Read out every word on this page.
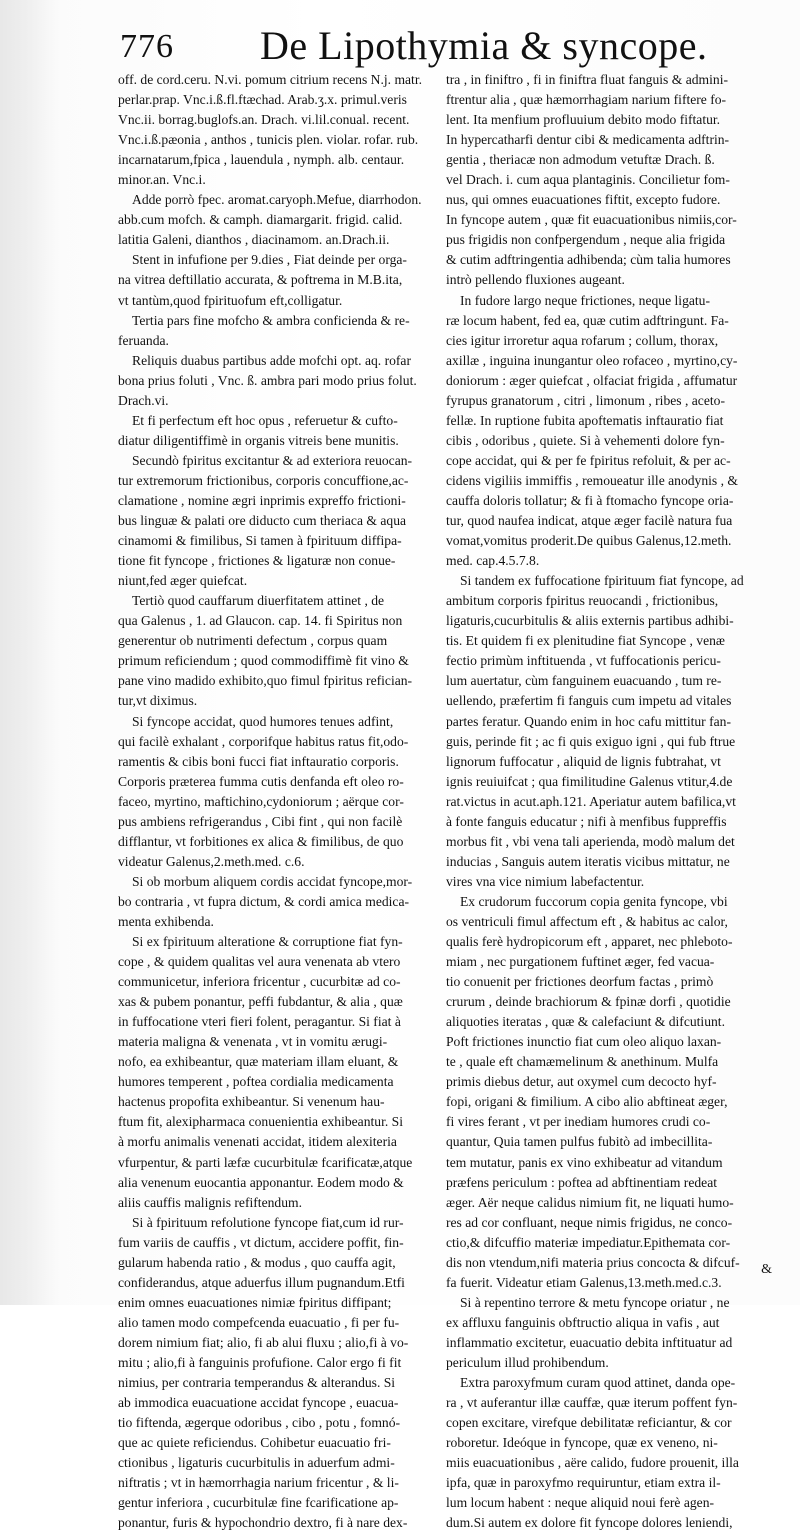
776 De Lipothymia & syncope.

off. de cord.ceru. N.vi. pomum citrium recens N.j. matr.
perlar.prap. Vnc.i.ß.fl.ftæchad. Arab.ʒ.x. primul.veris
Vnc.ii. borrag.buglofs.an. Drach. vi.lil.conual. recent.
Vnc.i.ß.pæonia , anthos , tunicis plen. violar. rofar. rub.
incarnatarum,fpica , lauendula , nymph. alb. centaur.
minor.an. Vnc.i.

Adde porrò fpec. aromat.caryoph.Mefue, diarrhodon.
abb.cum mofch. & camph. diamargarit. frigid. calid.
latitia Galeni, dianthos , diacinamom. an.Drach.ii.

Stent in infufione per 9.dies , Fiat deinde per orga-
na vitrea deftillatio accurata, & poftrema in M.B.ita,
vt tantùm,quod fpirituofum eft,colligatur.

Tertia pars fine mofcho & ambra conficienda & re-
feruanda.

Reliquis duabus partibus adde mofchi opt. aq. rofar
bona prius foluti , Vnc. ß. ambra pari modo prius folut.
Drach.vi.

Et fi perfectum eft hoc opus , referuetur & cufto-
diatur diligentiffimè in organis vitreis bene munitis.

Secundò fpiritus excitantur & ad exteriora reuocan-
tur extremorum frictionibus, corporis concuffione,ac-
clamatione , nomine ægri inprimis expreffo frictioni-
bus linguæ & palati ore diducto cum theriaca & aqua
cinamomi & fimilibus, Si tamen à fpirituum diffipa-
tione fit fyncope , frictiones & ligaturæ non conue-
niunt,fed æger quiefcat.

Tertiò quod cauffarum diuerfitatem attinet , de
qua Galenus , 1. ad Glaucon. cap. 14. fi Spiritus non
generentur ob nutrimenti defectum , corpus quam
primum reficiendum ; quod commodiffimè fit vino &
pane vino madido exhibito,quo fimul fpiritus refician-
tur,vt diximus.

Si fyncope accidat, quod humores tenues adfint,
qui facilè exhalant , corporifque habitus ratus fit,odo-
ramentis & cibis boni fucci fiat inftauratio corporis.
Corporis præterea fumma cutis denfanda eft oleo ro-
faceo, myrtino, maftichino,cydoniorum ; aërque cor-
pus ambiens refrigerandus , Cibi fint , qui non facilè
difflantur, vt forbitiones ex alica & fimilibus, de quo
videatur Galenus,2.meth.med. c.6.

Si ob morbum aliquem cordis accidat fyncope,mor-
bo contraria , vt fupra dictum, & cordi amica medica-
menta exhibenda.

Si ex fpirituum alteratione & corruptione fiat fyn-
cope , & quidem qualitas vel aura venenata ab vtero
communicetur, inferiora fricentur , cucurbitæ ad co-
xas & pubem ponantur, peffi fubdantur, & alia , quæ
in fuffocatione vteri fieri folent, peragantur. Si fiat à
materia maligna & venenata , vt in vomitu ærugi-
nofo, ea exhibeantur, quæ materiam illam eluant, &
humores temperent , poftea cordialia medicamenta
hactenus propofita exhibeantur. Si venenum hau-
ftum fit, alexipharmaca conuenientia exhibeantur. Si
à morfu animalis venenati accidat, itidem alexiteria
vfurpentur, & parti læfæ cucurbitulæ fcarificatæ,atque
alia venenum euocantia apponantur. Eodem modo &
aliis cauffis malignis refiftendum.

Si à fpirituum refolutione fyncope fiat,cum id rur-
fum variis de cauffis , vt dictum, accidere poffit, fin-
gularum habenda ratio , & modus , quo cauffa agit,
confiderandus, atque aduerfus illum pugnandum.Etfi
enim omnes euacuationes nimiæ fpiritus diffipant;
alio tamen modo compefcenda euacuatio , fi per fu-
dorem nimium fiat; alio, fi ab alui fluxu ; alio,fi à vo-
mitu ; alio,fi à fanguinis profufione. Calor ergo fi fit
nimius, per contraria temperandus & alterandus. Si
ab immodica euacuatione accidat fyncope , euacua-
tio fiftenda, ægerque odoribus , cibo , potu , fomnó-
que ac quiete reficiendus. Cohibetur euacuatio fri-
ctionibus , ligaturis cucurbitulis in aduerfum admi-
niftratis ; vt in hæmorrhagia narium fricentur , & li-
gentur inferiora , cucurbitulæ fine fcarificatione ap-
ponantur, furis & hypochondrio dextro, fi à nare dex-

tra , in finiftro , fi in finiftra fluat fanguis & admini-
ftrentur alia , quæ hæmorrhagiam narium fiftere fo-
lent. Ita menfium profluuium debito modo fiftatur.
In hypercatharfi dentur cibi & medicamenta adftrin-
gentia , theriacæ non admodum vetuftæ Drach. ß.
vel Drach. i. cum aqua plantaginis. Concilietur fom-
nus, qui omnes euacuationes fiftit, excepto fudore.
In fyncope autem , quæ fit euacuationibus nimiis,cor-
pus frigidis non confpergendum , neque alia frigida
& cutim adftringentia adhibenda; cùm talia humores
intrò pellendo fluxiones augeant.

In fudore largo neque frictiones, neque ligatu-
ræ locum habent, fed ea, quæ cutim adftringunt. Fa-
cies igitur irroretur aqua rofarum ; collum, thorax,
axillæ , inguina inungantur oleo rofaceo , myrtino,cy-
doniorum : æger quiefcat , olfaciat frigida , affumatur
fyrupus granatorum , citri , limonum , ribes , aceto-
fellæ. In ruptione fubita apoftematis inftauratio fiat
cibis , odoribus , quiete. Si à vehementi dolore fyn-
cope accidat, qui & per fe fpiritus refoluit, & per ac-
cidens vigiliis immiffis , remoueatur ille anodynis , &
cauffa doloris tollatur; & fi à ftomacho fyncope oria-
tur, quod naufea indicat, atque æger facilè natura fua
vomat,vomitus proderit.De quibus Galenus,12.meth.
med. cap.4.5.7.8.

Si tandem ex fuffocatione fpirituum fiat fyncope, ad
ambitum corporis fpiritus reuocandi , frictionibus,
ligaturis,cucurbitulis & aliis externis partibus adhibi-
tis. Et quidem fi ex plenitudine fiat Syncope , venæ
fectio primùm inftituenda , vt fuffocationis pericu-
lum auertatur, cùm fanguinem euacuando , tum re-
uellendo, præfertim fi fanguis cum impetu ad vitales
partes feratur. Quando enim in hoc cafu mittitur fan-
guis, perinde fit ; ac fi quis exiguo igni , qui fub ftrue
lignorum fuffocatur , aliquid de lignis fubtrahat, vt
ignis reuiuifcat ; qua fimilitudine Galenus vtitur,4.de
rat.victus in acut.aph.121. Aperiatur autem bafilica,vt
à fonte fanguis educatur ; nifi à menfibus fuppreffis
morbus fit , vbi vena tali aperienda, modò malum det
inducias , Sanguis autem iteratis vicibus mittatur, ne
vires vna vice nimium labefactentur.

Ex crudorum fuccorum copia genita fyncope, vbi
os ventriculi fimul affectum eft , & habitus ac calor,
qualis ferè hydropicorum eft , apparet, nec phleboto-
miam , nec purgationem fuftinet æger, fed vacua-
tio conuenit per frictiones deorfum factas , primò
crurum , deinde brachiorum & fpinæ dorfi , quotidie
aliquoties iteratas , quæ & calefaciunt & difcutiunt.
Poft frictiones inunctio fiat cum oleo aliquo laxan-
te , quale eft chamæmelinum & anethinum. Mulfa
primis diebus detur, aut oxymel cum decocto hyf-
fopi, origani & fimilium. A cibo alio abftineat æger,
fi vires ferant , vt per inediam humores crudi co-
quantur, Quia tamen pulfus fubitò ad imbecillita-
tem mutatur, panis ex vino exhibeatur ad vitandum
præfens periculum : poftea ad abftinentiam redeat
æger. Aër neque calidus nimium fit, ne liquati humo-
res ad cor confluant, neque nimis frigidus, ne conco-
ctio,& difcuffio materiæ impediatur.Epithemata cor-
dis non vtendum,nifi materia prius concocta & difcuf-
fa fuerit. Videatur etiam Galenus,13.meth.med.c.3.

Si à repentino terrore & metu fyncope oriatur , ne
ex affluxu fanguinis obftructio aliqua in vafis , aut
inflammatio excitetur, euacuatio debita inftituatur ad
periculum illud prohibendum.

Extra paroxyfmum curam quod attinet, danda ope-
ra , vt auferantur illæ cauffæ, quæ iterum poffent fyn-
copen excitare, virefque debilitatæ reficiantur, & cor
roboretur. Ideóque in fyncope, quæ ex veneno, ni-
miis euacuationibus , aëre calido, fudore prouenit, illa
ipfa, quæ in paroxyfmo requiruntur, etiam extra il-
lum locum habent : neque aliquid noui ferè agen-
dum.Si autem ex dolore fit fyncope dolores leniendi,

&
